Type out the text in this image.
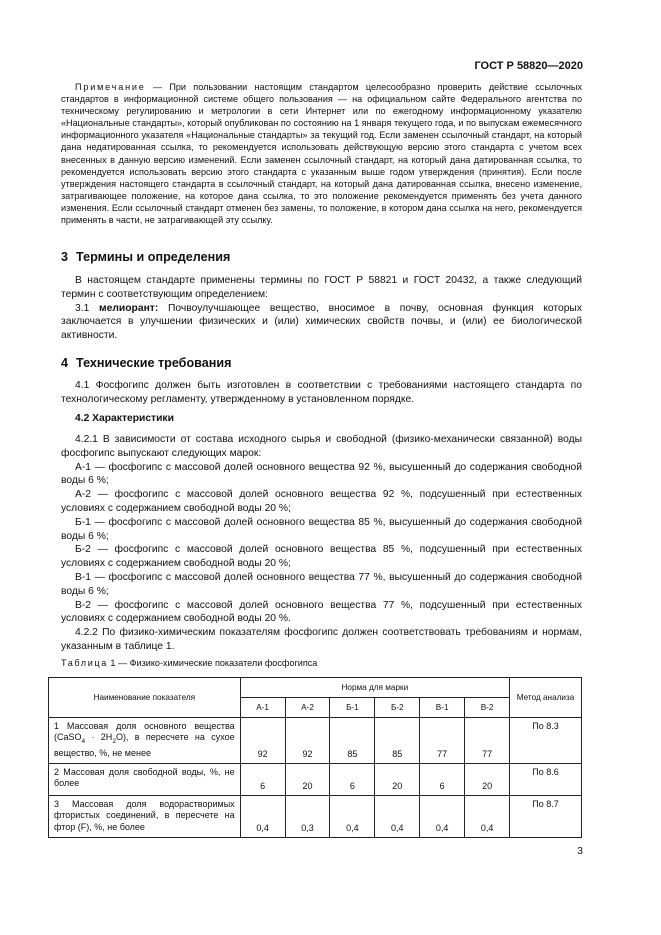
ГОСТ Р 58820—2020

Примечание — При пользовании настоящим стандартом целесообразно проверить действие ссылочных стандартов в информационной системе общего пользования — на официальном сайте Федерального агентства по техническому регулированию и метрологии в сети Интернет или по ежегодному информационному указателю «Национальные стандарты», который опубликован по состоянию на 1 января текущего года, и по выпускам ежемесячного информационного указателя «Национальные стандарты» за текущий год. Если заменен ссылочный стандарт, на который дана недатированная ссылка, то рекомендуется использовать действующую версию этого стандарта с учетом всех внесенных в данную версию изменений. Если заменен ссылочный стандарт, на который дана датированная ссылка, то рекомендуется использовать версию этого стандарта с указанным выше годом утверждения (принятия). Если после утверждения настоящего стандарта в ссылочный стандарт, на который дана датированная ссылка, внесено изменение, затрагивающее положение, на которое дана ссылка, то это положение рекомендуется применять без учета данного изменения. Если ссылочный стандарт отменен без замены, то положение, в котором дана ссылка на него, рекомендуется применять в части, не затрагивающей эту ссылку.

3 Термины и определения

В настоящем стандарте применены термины по ГОСТ Р 58821 и ГОСТ 20432, а также следующий термин с соответствующим определением:

3.1 мелиорант: Почвоулучшающее вещество, вносимое в почву, основная функция которых заключается в улучшении физических и (или) химических свойств почвы, и (или) ее биологической активности.

4 Технические требования

4.1 Фосфогипс должен быть изготовлен в соответствии с требованиями настоящего стандарта по технологическому регламенту, утвержденному в установленном порядке.

4.2 Характеристики

4.2.1 В зависимости от состава исходного сырья и свободной (физико-механически связанной) воды фосфогипс выпускают следующих марок:

А-1 — фосфогипс с массовой долей основного вещества 92 %, высушенный до содержания свободной воды 6 %;

А-2 — фосфогипс с массовой долей основного вещества 92 %, подсушенный при естественных условиях с содержанием свободной воды 20 %;

Б-1 — фосфогипс с массовой долей основного вещества 85 %, высушенный до содержания свободной воды 6 %;

Б-2 — фосфогипс с массовой долей основного вещества 85 %, подсушенный при естественных условиях с содержанием свободной воды 20 %;

В-1 — фосфогипс с массовой долей основного вещества 77 %, высушенный до содержания свободной воды 6 %;

В-2 — фосфогипс с массовой долей основного вещества 77 %, подсушенный при естественных условиях с содержанием свободной воды 20 %.

4.2.2 По физико-химическим показателям фосфогипс должен соответствовать требованиям и нормам, указанным в таблице 1.

Таблица 1 — Физико-химические показатели фосфогипса
Наименование показателя	Норма для марки						Метод анализа
	А-1	А-2	Б-1	Б-2	В-1	В-2	
1 Массовая доля основного вещества (CaSO$_4$ · $2H_2O$), в пересчете на сухое вещество, %, не менее	92	92	85	85	77	77	По 8.3
2 Массовая доля свободной воды, %, не более	6	20	6	20	6	20	По 8.6
3 Массовая доля водорастворимых фтористых соединений, в пересчете на фтор (F), %, не более	0,4	0,3	0,4	0,4	0,4	0,4	По 8.7
3
